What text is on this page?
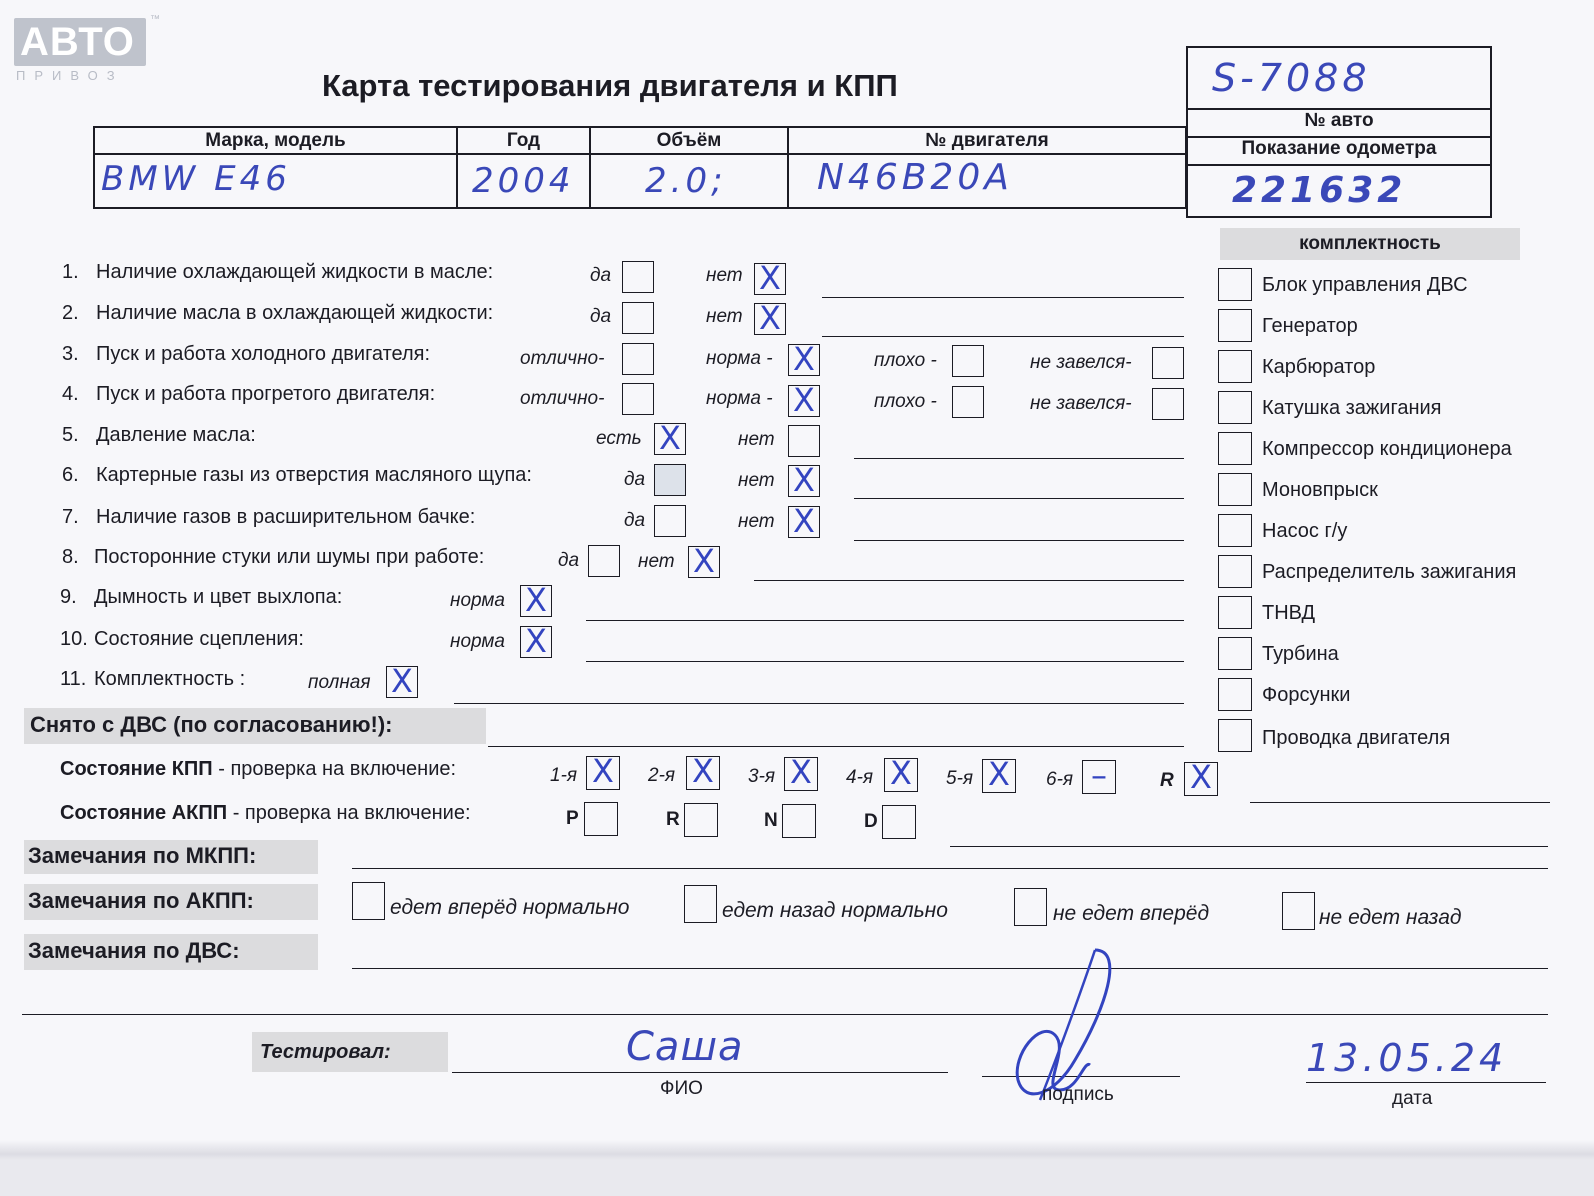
АВТО
ПРИВОЗ
™
Карта тестирования двигателя и КПП	S-7088
№ авто
Показание одометра
221632
Марка, модель	Год	Объём	№ двигателя

BMW E46	2004	2.0;	N46B20A
1. Наличие охлаждающей жидкости в масле:	да	нет X
2. Наличие масла в охлаждающей жидкости:	да	нет X
3. Пуск и работа холодного двигателя:	отлично-	норма - X	плохо -	не завелся-
4. Пуск и работа прогретого двигателя:	отлично-	норма - X	плохо -	не завелся-
5. Давление масла:	есть X	нет
6. Картерные газы из отверстия масляного щупа:	да	нет X
7. Наличие газов в расширительном бачке:	да	нет X
8. Посторонние стуки или шумы при работе:	да	нет X
9. Дымность и цвет выхлопа:	норма X
10. Состояние сцепления:	норма X
11. Комплектность :	полная X
Снято с ДВС (по согласованию!):
Состояние КПП - проверка на включение:	1-я X 2-я X 3-я X 4-я X 5-я X 6-я –	R X
Состояние АКПП - проверка на включение:	P	R	N	D
Замечания по МКПП:
Замечания по АКПП:	едет вперёд нормально	едет назад нормально	не едет вперёд	не едет назад
Замечания по ДВС:
комплектность
Блок управления ДВС
Генератор
Карбюратор
Катушка зажигания
Компрессор кондиционера
Моновпрыск
Насос г/у
Распределитель зажигания
ТНВД
Турбина
Форсунки
Проводка двигателя
Тестировал:	Саша
ФИО	подпись
13.05.24
дата
